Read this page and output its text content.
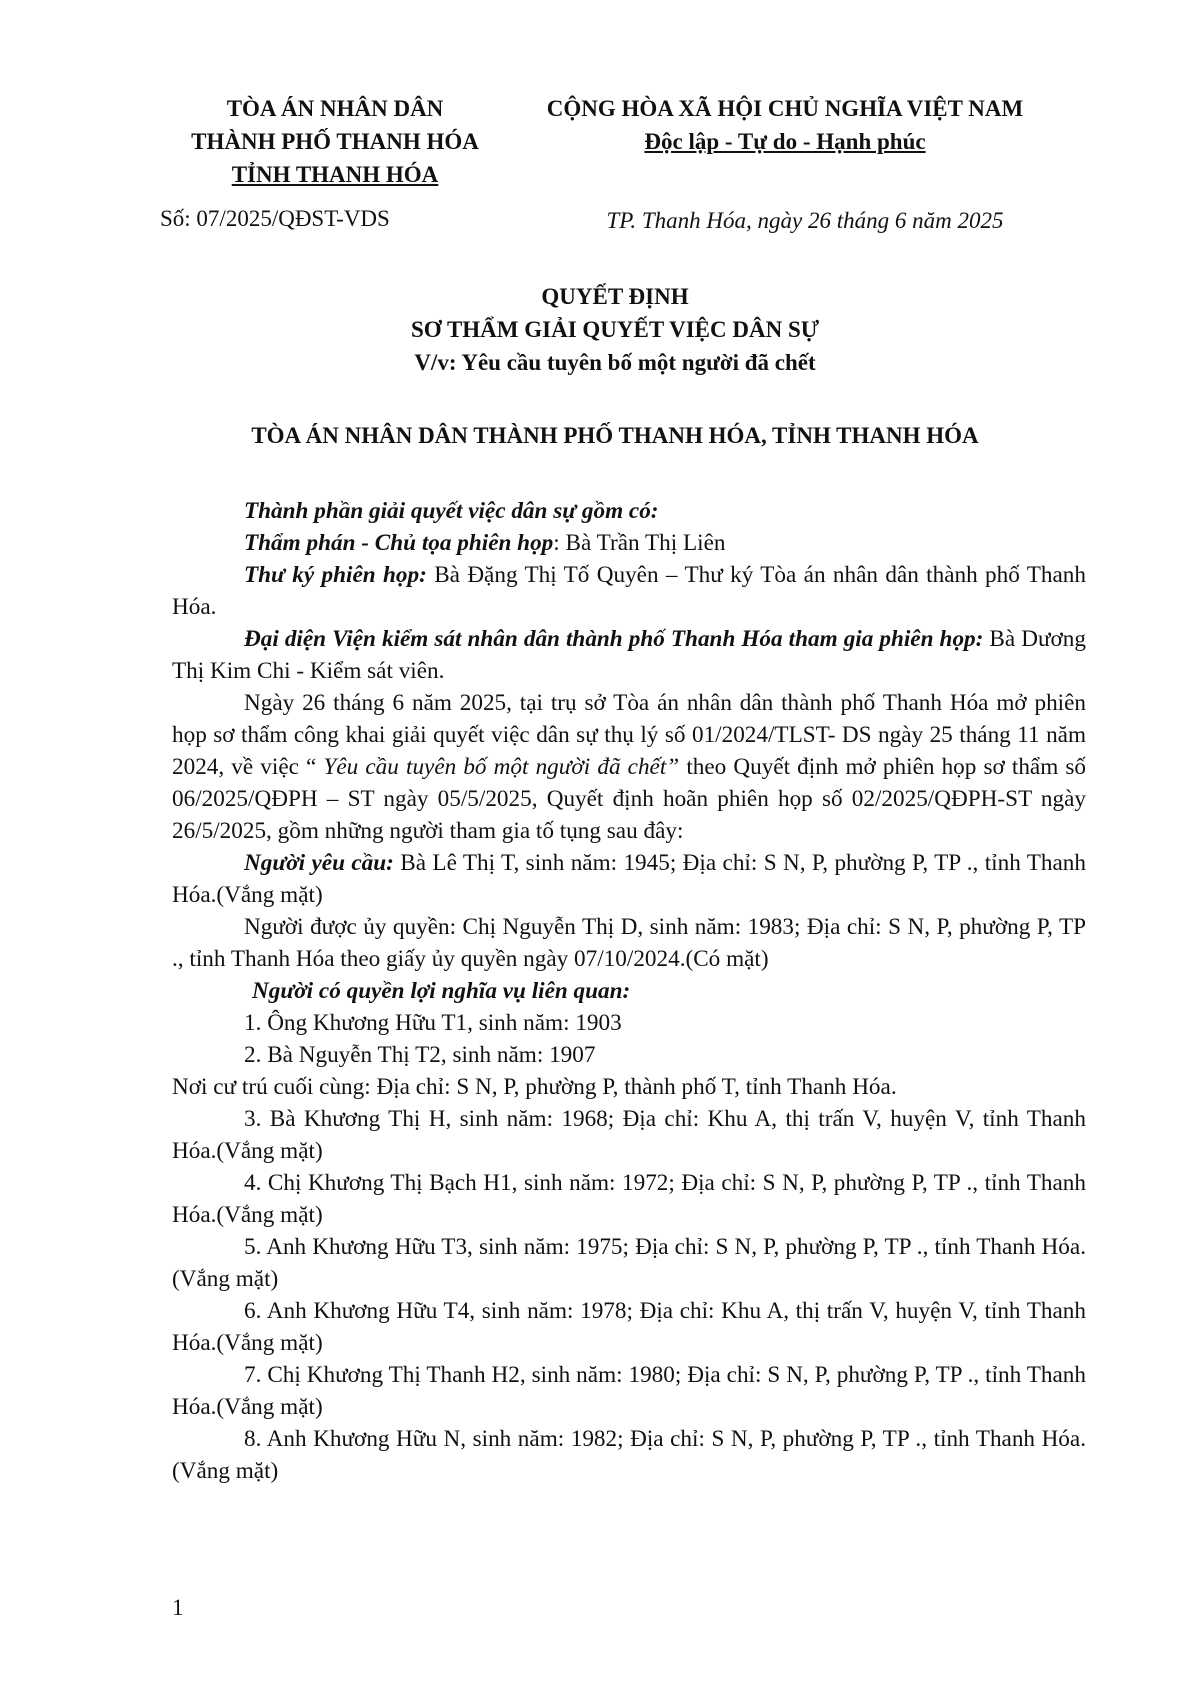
TÒA ÁN NHÂN DÂN
THÀNH PHỐ THANH HÓA
TỈNH THANH HÓA
Số: 07/2025/QĐST-VDS
CỘNG HÒA XÃ HỘI CHỦ NGHĨA VIỆT NAM
Độc lập - Tự do - Hạnh phúc
TP. Thanh Hóa, ngày 26 tháng 6 năm 2025
QUYẾT ĐỊNH
SƠ THẨM GIẢI QUYẾT VIỆC DÂN SỰ
V/v: Yêu cầu tuyên bố một người đã chết
TÒA ÁN NHÂN DÂN THÀNH PHỐ THANH HÓA, TỈNH THANH HÓA

Thành phần giải quyết việc dân sự gồm có:

Thẩm phán - Chủ tọa phiên họp: Bà Trần Thị Liên

Thư ký phiên họp: Bà Đặng Thị Tố Quyên – Thư ký Tòa án nhân dân thành phố Thanh Hóa.

Đại diện Viện kiểm sát nhân dân thành phố Thanh Hóa tham gia phiên họp: Bà Dương Thị Kim Chi - Kiểm sát viên.

Ngày 26 tháng 6 năm 2025, tại trụ sở Tòa án nhân dân thành phố Thanh Hóa mở phiên họp sơ thẩm công khai giải quyết việc dân sự thụ lý số 01/2024/TLST- DS ngày 25 tháng 11 năm 2024, về việc “ Yêu cầu tuyên bố một người đã chết” theo Quyết định mở phiên họp sơ thẩm số 06/2025/QĐPH – ST ngày 05/5/2025, Quyết định hoãn phiên họp số 02/2025/QĐPH-ST ngày 26/5/2025, gồm những người tham gia tố tụng sau đây:

Người yêu cầu: Bà Lê Thị T, sinh năm: 1945; Địa chỉ: S N, P, phường P, TP ., tỉnh Thanh Hóa.(Vắng mặt)

Người được ủy quyền: Chị Nguyễn Thị D, sinh năm: 1983; Địa chỉ: S N, P, phường P, TP ., tỉnh Thanh Hóa theo giấy ủy quyền ngày 07/10/2024.(Có mặt)

Người có quyền lợi nghĩa vụ liên quan:

1. Ông Khương Hữu T1, sinh năm: 1903

2. Bà Nguyễn Thị T2, sinh năm: 1907

Nơi cư trú cuối cùng: Địa chỉ: S N, P, phường P, thành phố T, tỉnh Thanh Hóa.

3. Bà Khương Thị H, sinh năm: 1968; Địa chỉ: Khu A, thị trấn V, huyện V, tỉnh Thanh Hóa.(Vắng mặt)

4. Chị Khương Thị Bạch H1, sinh năm: 1972; Địa chỉ: S N, P, phường P, TP ., tỉnh Thanh Hóa.(Vắng mặt)

5. Anh Khương Hữu T3, sinh năm: 1975; Địa chỉ: S N, P, phường P, TP ., tỉnh Thanh Hóa.(Vắng mặt)

6. Anh Khương Hữu T4, sinh năm: 1978; Địa chỉ: Khu A, thị trấn V, huyện V, tỉnh Thanh Hóa.(Vắng mặt)

7. Chị Khương Thị Thanh H2, sinh năm: 1980; Địa chỉ: S N, P, phường P, TP ., tỉnh Thanh Hóa.(Vắng mặt)

8. Anh Khương Hữu N, sinh năm: 1982; Địa chỉ: S N, P, phường P, TP ., tỉnh Thanh Hóa.(Vắng mặt)

1
